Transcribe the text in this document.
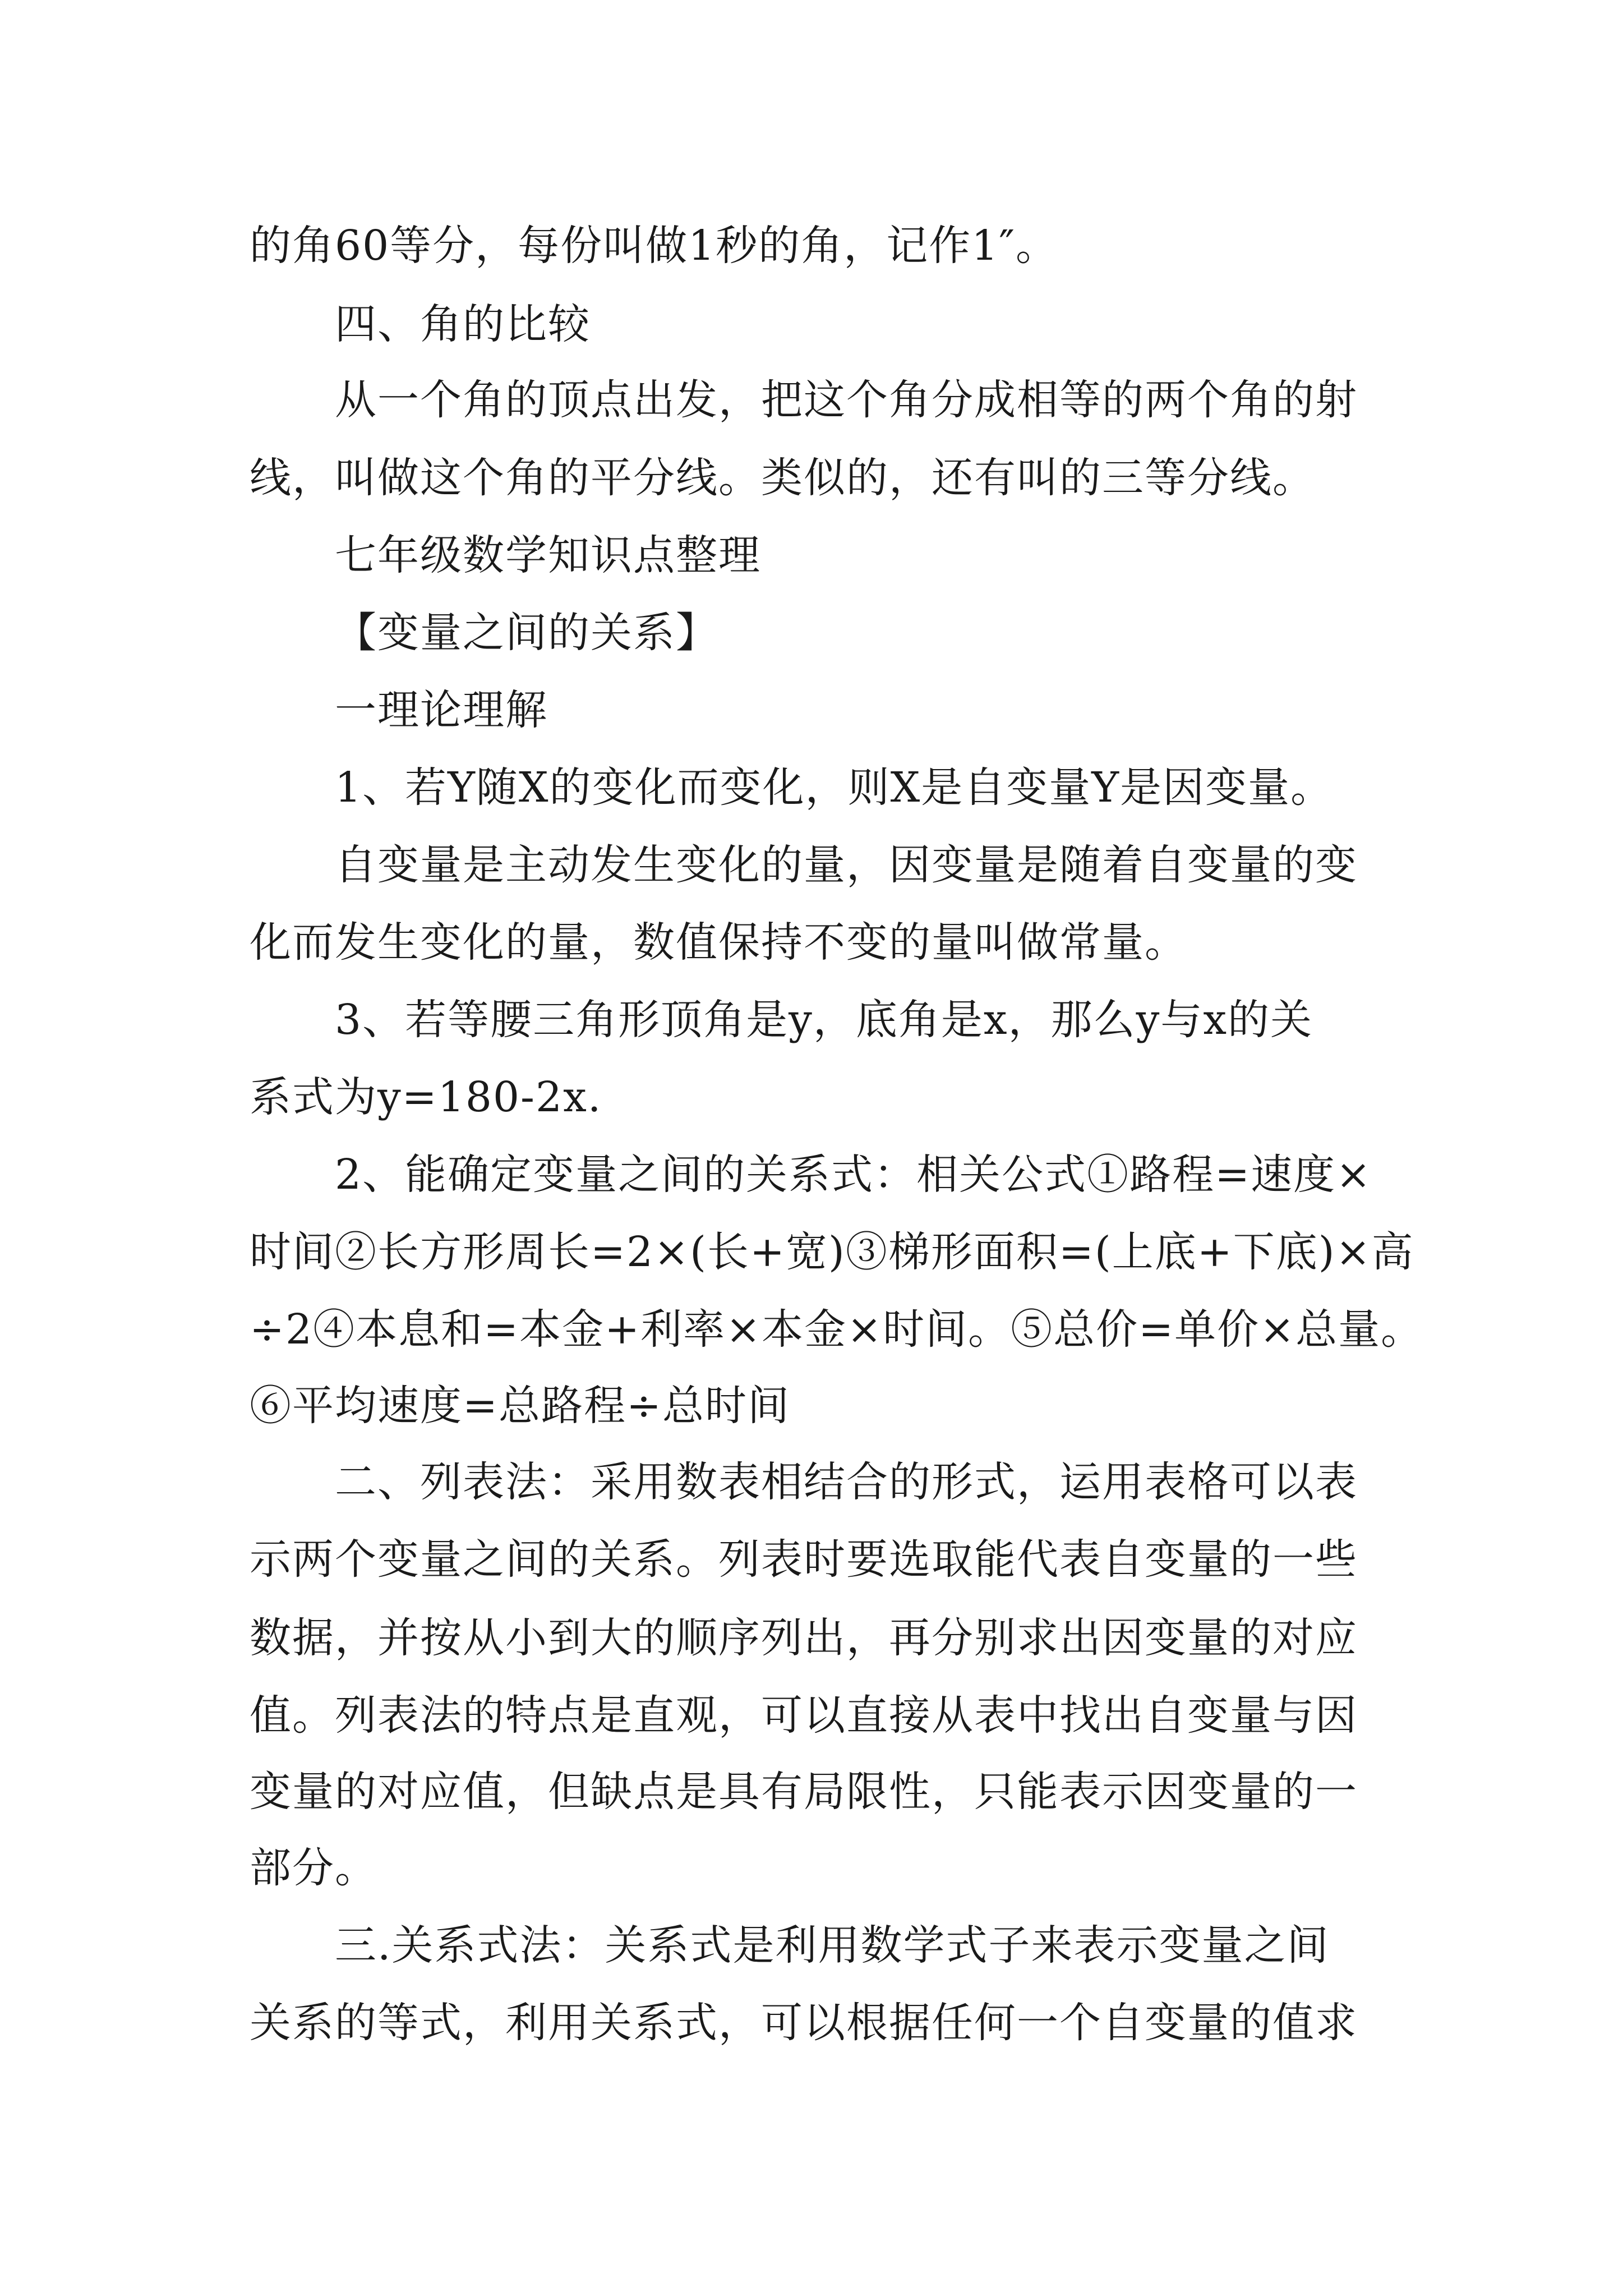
的角60等分，每份叫做1秒的角，记作1″。
四、角的比较
从一个角的顶点出发，把这个角分成相等的两个角的射
线，叫做这个角的平分线。类似的，还有叫的三等分线。
七年级数学知识点整理
【变量之间的关系】
一理论理解
1、若Y随X的变化而变化，则X是自变量Y是因变量。
自变量是主动发生变化的量，因变量是随着自变量的变
化而发生变化的量，数值保持不变的量叫做常量。
3、若等腰三角形顶角是y，底角是x，那么y与x的关
系式为y=180-2x.
2、能确定变量之间的关系式：相关公式①路程=速度×
时间②长方形周长=2×(长+宽)③梯形面积=(上底+下底)×高
÷2④本息和=本金+利率×本金×时间。⑤总价=单价×总量。
⑥平均速度=总路程÷总时间
二、列表法：采用数表相结合的形式，运用表格可以表
示两个变量之间的关系。列表时要选取能代表自变量的一些
数据，并按从小到大的顺序列出，再分别求出因变量的对应
值。列表法的特点是直观，可以直接从表中找出自变量与因
变量的对应值，但缺点是具有局限性，只能表示因变量的一
部分。
三.关系式法：关系式是利用数学式子来表示变量之间
关系的等式，利用关系式，可以根据任何一个自变量的值求
